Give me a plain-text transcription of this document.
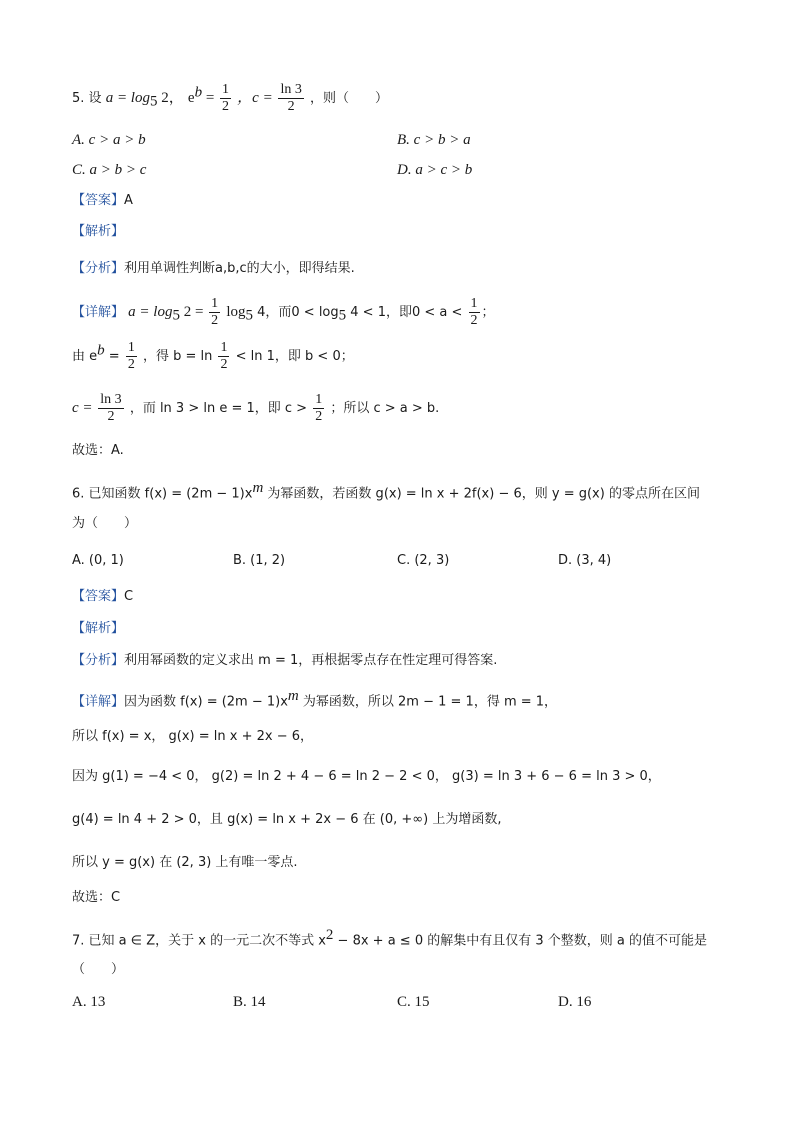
5. 设 $a = \log_5 2$， $e^b = \frac{1}{2}$ ，$c = \frac{\ln 3}{2}$ ，则（　　）
A. c > a > b	B. c > b > a
C. a > b > c	D. a > c > b
【答案】A
【解析】
【分析】利用单调性判断a,b,c的大小，即得结果.
【详解】 $a = \log_5 2 = \frac{1}{2} \log_5 4$，而$0 < \log_5 4 < 1$，即$0 < a < \frac{1}{2}$ ；
由 $e^b = \frac{1}{2}$ ，得 $b = \ln \frac{1}{2} < \ln 1$，即 b < 0；
$c = \frac{\ln 3}{2}$ ，而 ln 3 > ln e = 1，即 $c > \frac{1}{2}$ ；所以 c > a > b.
故选：A.
6. 已知函数 $f(x) = (2m - 1)x^m$ 为幂函数，若函数 g(x) = ln x + 2f(x) − 6，则 y = g(x) 的零点所在区间
为（　　）
A. (0, 1)	B. (1, 2)	C. (2, 3)	D. (3, 4)
【答案】C
【解析】
【分析】利用幂函数的定义求出 m = 1，再根据零点存在性定理可得答案.
【详解】因为函数 $f(x) = (2m - 1)x^m$ 为幂函数，所以 2m − 1 = 1，得 m = 1，
所以 f(x) = x， g(x) = ln x + 2x − 6，
因为 g(1) = −4 < 0， g(2) = ln 2 + 4 − 6 = ln 2 − 2 < 0， g(3) = ln 3 + 6 − 6 = ln 3 > 0，
g(4) = ln 4 + 2 > 0，且 g(x) = ln x + 2x − 6 在 (0, +∞) 上为增函数,
所以 y = g(x) 在 (2, 3) 上有唯一零点.
故选：C
7. 已知 a ∈ Z，关于 x 的一元二次不等式 $x^2 - 8x + a \le 0$ 的解集中有且仅有 3 个整数，则 a 的值不可能是
（　　）
A. 13	B. 14	C. 15	D. 16
